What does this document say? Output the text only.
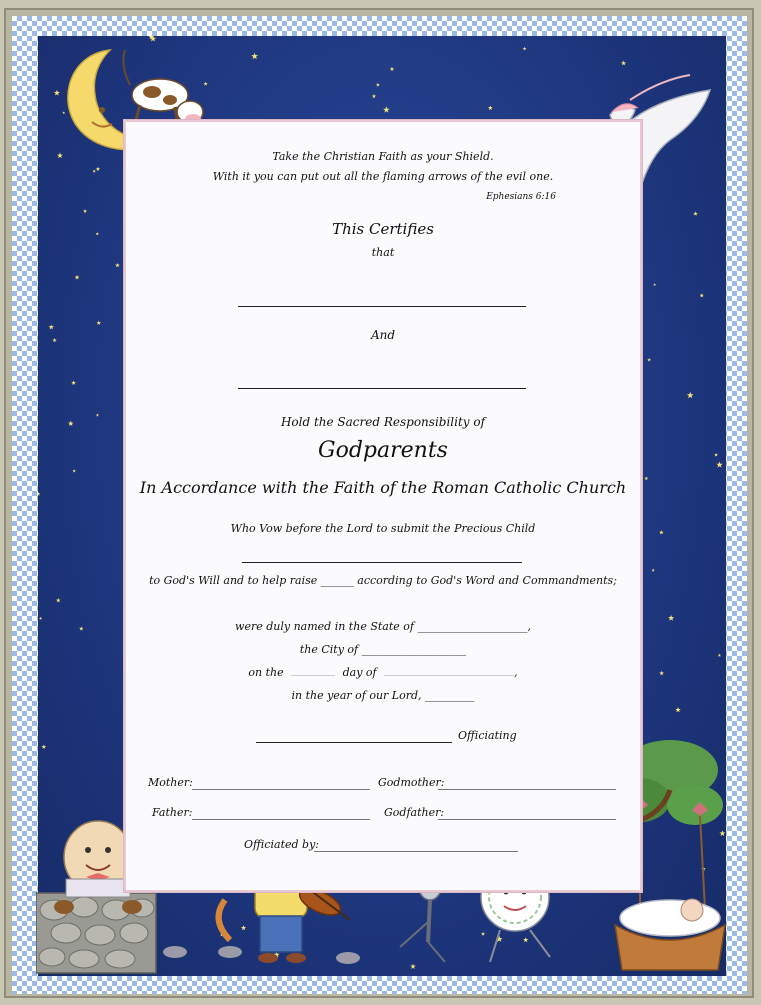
Take the Christian Faith as your Shield.
With it you can put out all the flaming arrows of the evil one.
Ephesians 6:16
This Certifies
that
And
Hold the Sacred Responsibility of
Godparents
In Accordance with the Faith of the Roman Catholic Church
Who Vow before the Lord to submit the Precious Child
to God's Will and to help raise ______ according to God's Word and Commandments;
were duly named in the State of ____________________,
the City of ___________________
on the	day of	,
in the year of our Lord, _________
Officiating
Mother:	Godmother:
Father:	Godfather:
Officiated by:
